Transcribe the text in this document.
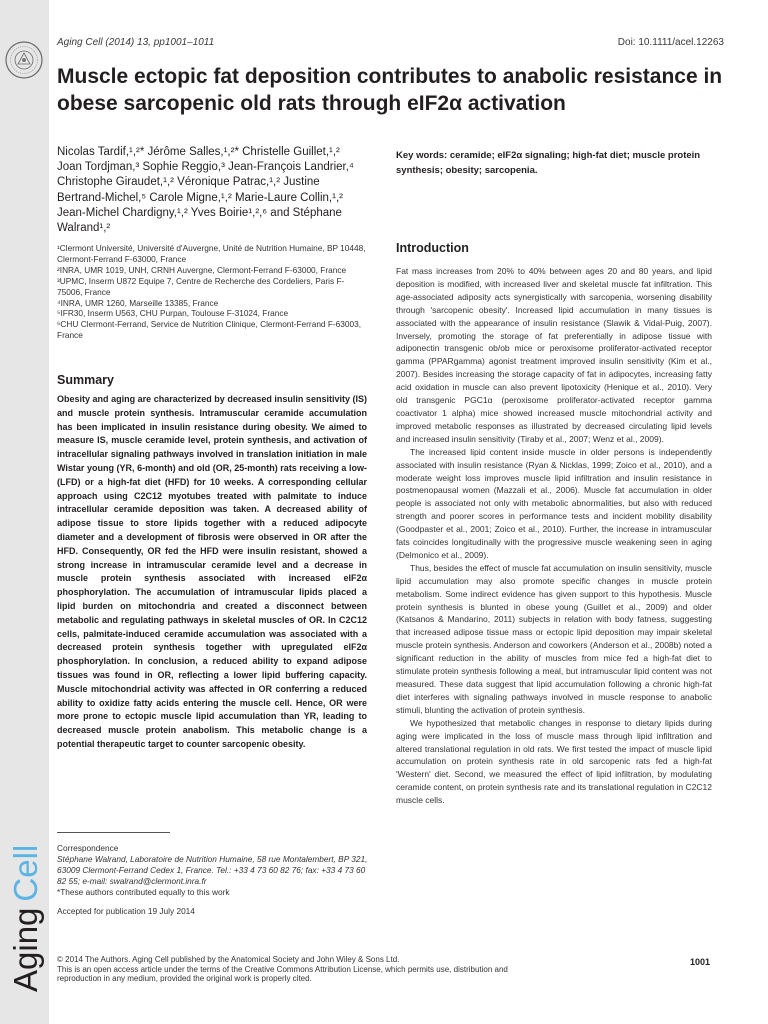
AgingCell
Aging Cell (2014) 13, pp1001–1011	Doi: 10.1111/acel.12263
Muscle ectopic fat deposition contributes to anabolic resistance in obese sarcopenic old rats through eIF2α activation

Nicolas Tardif,¹,²* Jérôme Salles,¹,²* Christelle Guillet,¹,² Joan Tordjman,³ Sophie Reggio,³ Jean-François Landrier,⁴ Christophe Giraudet,¹,² Véronique Patrac,¹,² Justine Bertrand-Michel,⁵ Carole Migne,¹,² Marie-Laure Collin,¹,² Jean-Michel Chardigny,¹,² Yves Boirie¹,²,⁶ and Stéphane Walrand¹,²

¹Clermont Université, Université d'Auvergne, Unité de Nutrition Humaine, BP 10448, Clermont-Ferrand F-63000, France
²INRA, UMR 1019, UNH, CRNH Auvergne, Clermont-Ferrand F-63000, France
³UPMC, Inserm U872 Equipe 7, Centre de Recherche des Cordeliers, Paris F-75006, France
⁴INRA, UMR 1260, Marseille 13385, France
⁵IFR30, Inserm U563, CHU Purpan, Toulouse F-31024, France
⁶CHU Clermont-Ferrand, Service de Nutrition Clinique, Clermont-Ferrand F-63003, France
Summary

Obesity and aging are characterized by decreased insulin sensitivity (IS) and muscle protein synthesis. Intramuscular ceramide accumulation has been implicated in insulin resistance during obesity. We aimed to measure IS, muscle ceramide level, protein synthesis, and activation of intracellular signaling pathways involved in translation initiation in male Wistar young (YR, 6-month) and old (OR, 25-month) rats receiving a low- (LFD) or a high-fat diet (HFD) for 10 weeks. A corresponding cellular approach using C2C12 myotubes treated with palmitate to induce intracellular ceramide deposition was taken. A decreased ability of adipose tissue to store lipids together with a reduced adipocyte diameter and a development of fibrosis were observed in OR after the HFD. Consequently, OR fed the HFD were insulin resistant, showed a strong increase in intramuscular ceramide level and a decrease in muscle protein synthesis associated with increased eIF2α phosphorylation. The accumulation of intramuscular lipids placed a lipid burden on mitochondria and created a disconnect between metabolic and regulating pathways in skeletal muscles of OR. In C2C12 cells, palmitate-induced ceramide accumulation was associated with a decreased protein synthesis together with upregulated eIF2α phosphorylation. In conclusion, a reduced ability to expand adipose tissues was found in OR, reflecting a lower lipid buffering capacity. Muscle mitochondrial activity was affected in OR conferring a reduced ability to oxidize fatty acids entering the muscle cell. Hence, OR were more prone to ectopic muscle lipid accumulation than YR, leading to decreased muscle protein anabolism. This metabolic change is a potential therapeutic target to counter sarcopenic obesity.

Correspondence

Stéphane Walrand, Laboratoire de Nutrition Humaine, 58 rue Montalembert, BP 321, 63009 Clermont-Ferrand Cedex 1, France. Tel.: +33 4 73 60 82 76; fax: +33 4 73 60 82 55; e-mail: swalrand@clermont.inra.fr

*These authors contributed equally to this work

Accepted for publication 19 July 2014

Key words: ceramide; eIF2α signaling; high-fat diet; muscle protein synthesis; obesity; sarcopenia.

Introduction

Fat mass increases from 20% to 40% between ages 20 and 80 years, and lipid deposition is modified, with increased liver and skeletal muscle fat infiltration. This age-associated adiposity acts synergistically with sarcopenia, worsening disability through 'sarcopenic obesity'. Increased lipid accumulation in many tissues is associated with the appearance of insulin resistance (Slawik & Vidal-Puig, 2007). Inversely, promoting the storage of fat preferentially in adipose tissue with adiponectin transgenic ob/ob mice or peroxisome proliferator-activated receptor gamma (PPARgamma) agonist treatment improved insulin sensitivity (Kim et al., 2007). Besides increasing the storage capacity of fat in adipocytes, increasing fatty acid oxidation in muscle can also prevent lipotoxicity (Henique et al., 2010). Very old transgenic PGC1α (peroxisome proliferator-activated receptor gamma coactivator 1 alpha) mice showed increased muscle mitochondrial activity and improved metabolic responses as illustrated by decreased circulating lipid levels and increased insulin sensitivity (Tiraby et al., 2007; Wenz et al., 2009).

The increased lipid content inside muscle in older persons is independently associated with insulin resistance (Ryan & Nicklas, 1999; Zoico et al., 2010), and a moderate weight loss improves muscle lipid infiltration and insulin resistance in postmenopausal women (Mazzali et al., 2006). Muscle fat accumulation in older people is associated not only with metabolic abnormalities, but also with reduced strength and poorer scores in performance tests and incident mobility disability (Goodpaster et al., 2001; Zoico et al., 2010). Further, the increase in intramuscular fats coincides longitudinally with the progressive muscle weakening seen in aging (Delmonico et al., 2009).

Thus, besides the effect of muscle fat accumulation on insulin sensitivity, muscle lipid accumulation may also promote specific changes in muscle protein metabolism. Some indirect evidence has given support to this hypothesis. Muscle protein synthesis is blunted in obese young (Guillet et al., 2009) and older (Katsanos & Mandarino, 2011) subjects in relation with body fatness, suggesting that increased adipose tissue mass or ectopic lipid deposition may impair skeletal muscle protein synthesis. Anderson and coworkers (Anderson et al., 2008b) noted a significant reduction in the ability of muscles from mice fed a high-fat diet to stimulate protein synthesis following a meal, but intramuscular lipid content was not measured. These data suggest that lipid accumulation following a chronic high-fat diet interferes with signaling pathways involved in muscle response to anabolic stimuli, blunting the activation of protein synthesis.

We hypothesized that metabolic changes in response to dietary lipids during aging were implicated in the loss of muscle mass through lipid infiltration and altered translational regulation in old rats. We first tested the impact of muscle lipid accumulation on protein synthesis rate in old sarcopenic rats fed a high-fat 'Western' diet. Second, we measured the effect of lipid infiltration, by modulating ceramide content, on protein synthesis rate and its translational regulation in C2C12 muscle cells.

© 2014 The Authors. Aging Cell published by the Anatomical Society and John Wiley & Sons Ltd.

This is an open access article under the terms of the Creative Commons Attribution License, which permits use, distribution and reproduction in any medium, provided the original work is properly cited.

1001
